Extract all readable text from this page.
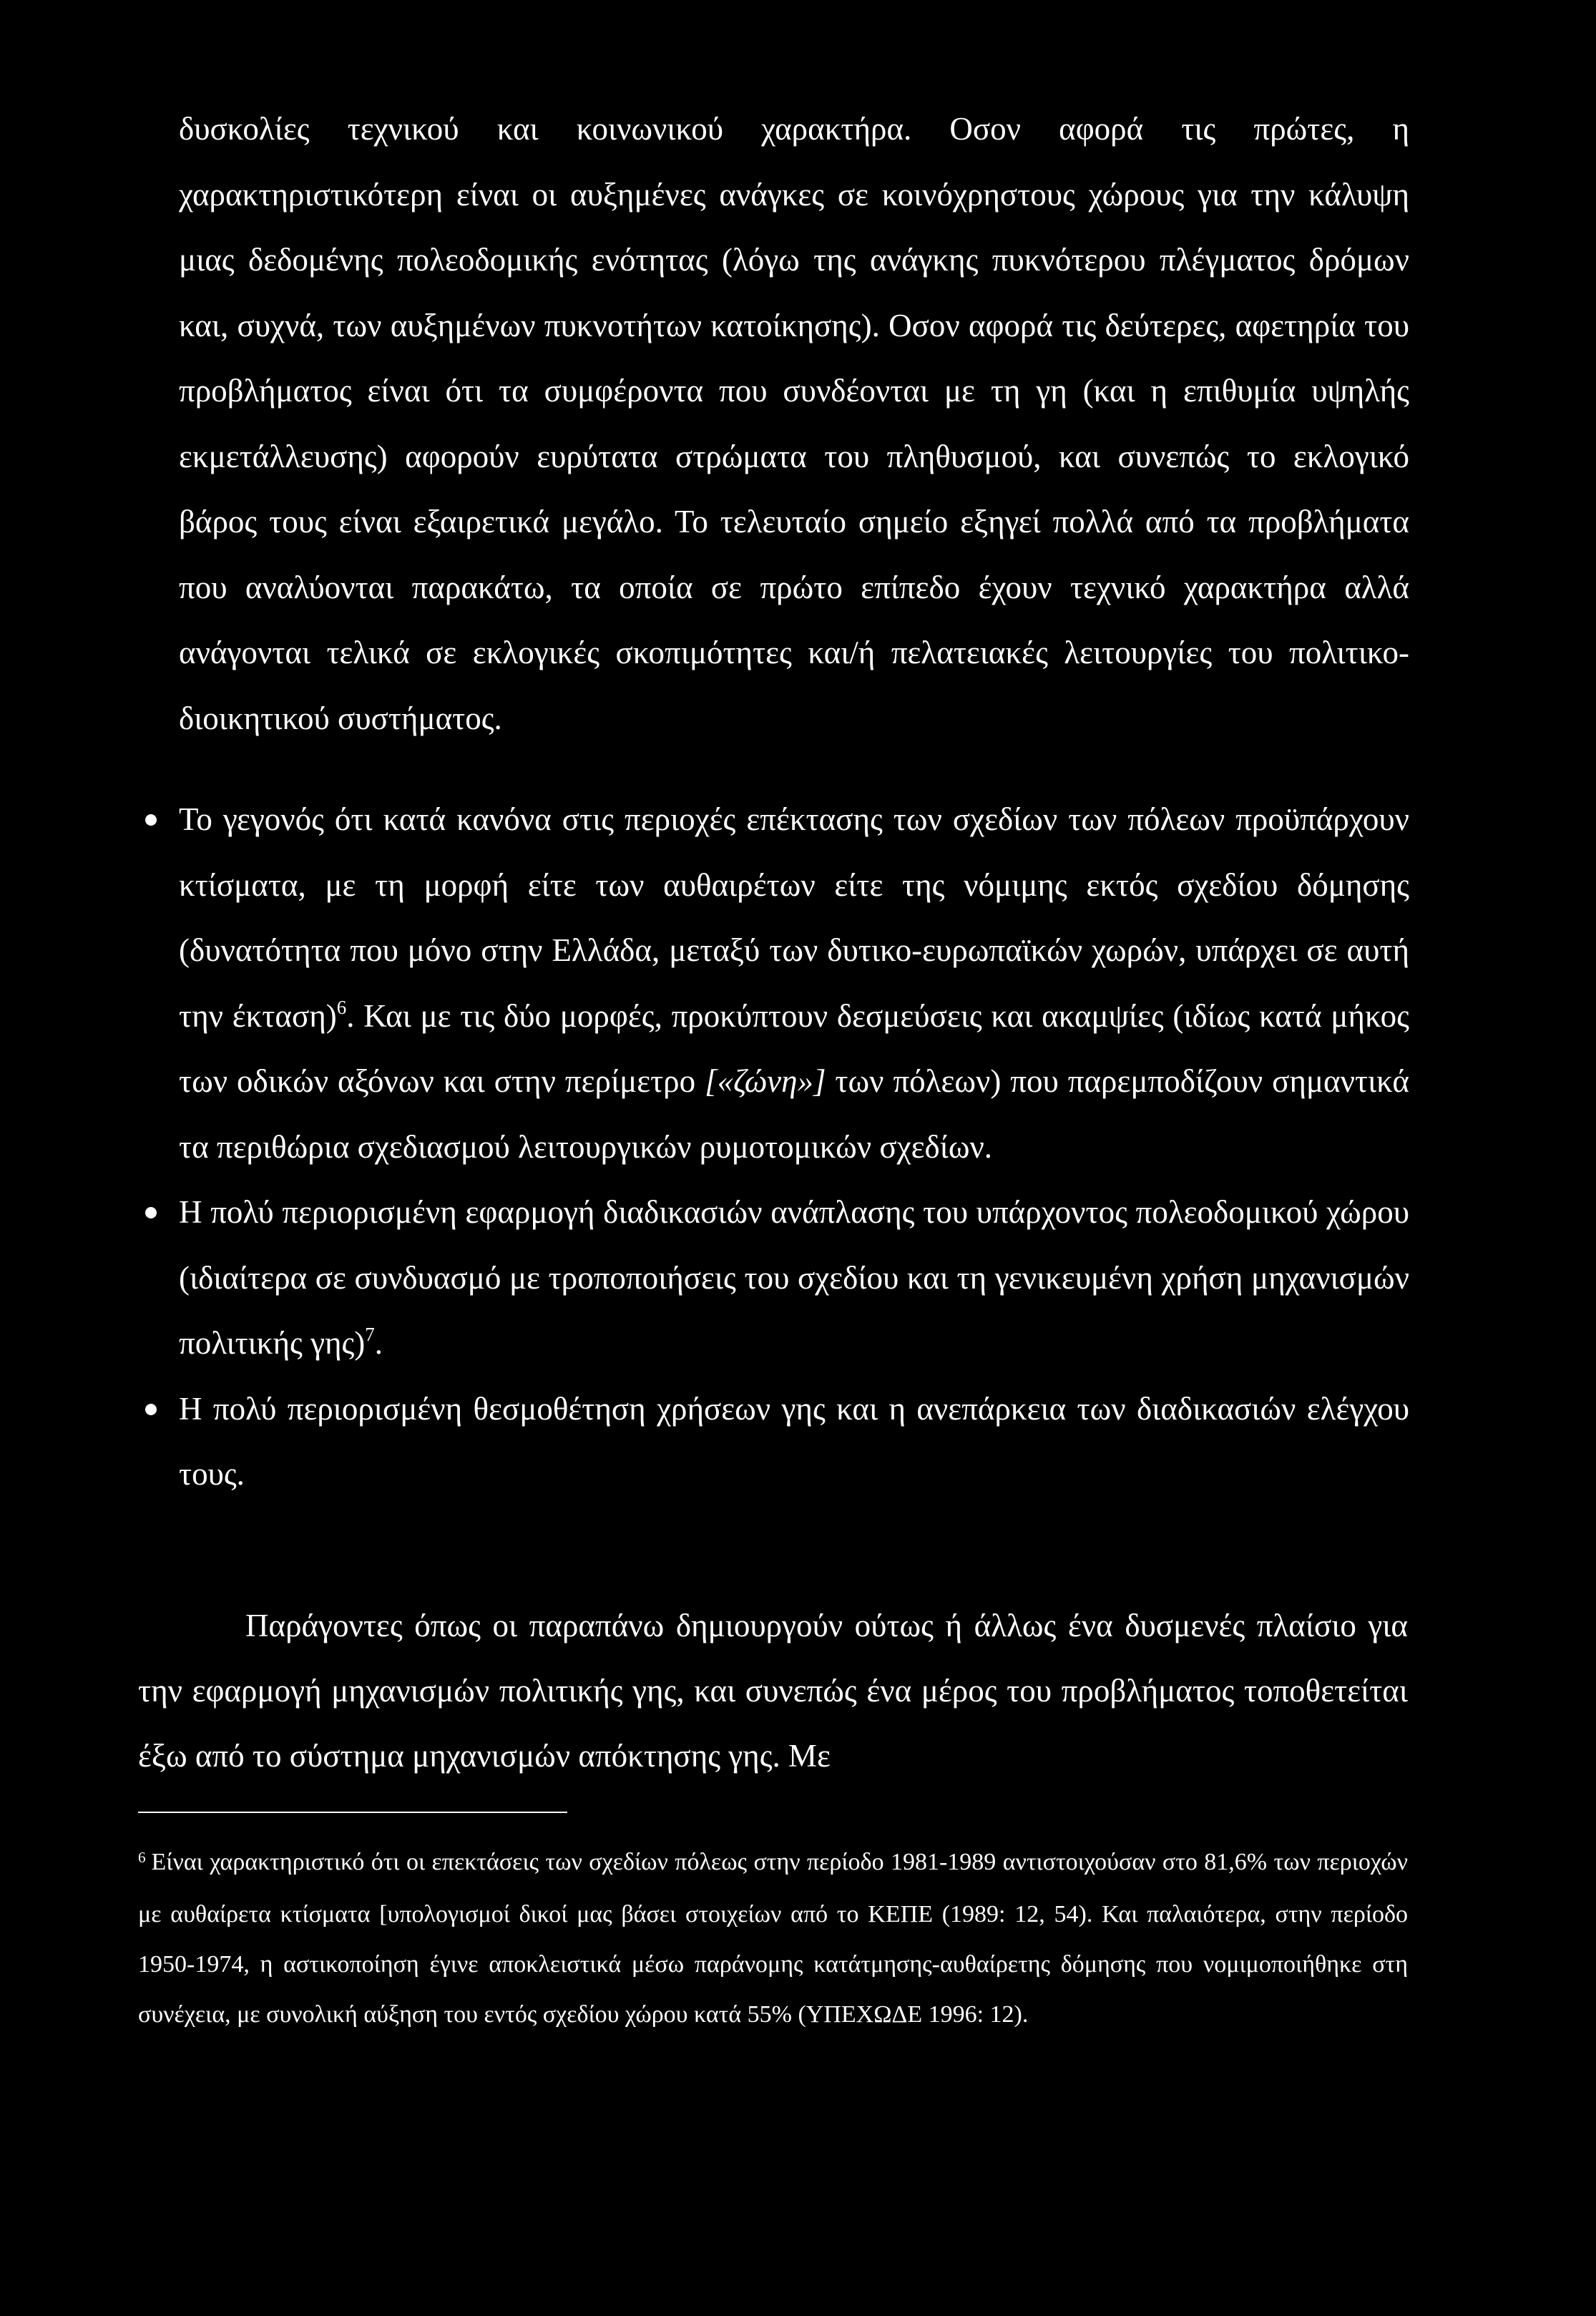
δυσκολίες τεχνικού και κοινωνικού χαρακτήρα. Οσον αφορά τις πρώτες, η χαρακτηριστικότερη είναι οι αυξημένες ανάγκες σε κοινόχρηστους χώρους για την κάλυψη μιας δεδομένης πολεοδομικής ενότητας (λόγω της ανάγκης πυκνότερου πλέγματος δρόμων και, συχνά, των αυξημένων πυκνοτήτων κατοίκησης). Οσον αφορά τις δεύτερες, αφετηρία του προβλήματος είναι ότι τα συμφέροντα που συνδέονται με τη γη (και η επιθυμία υψηλής εκμετάλλευσης) αφορούν ευρύτατα στρώματα του πληθυσμού, και συνεπώς το εκλογικό βάρος τους είναι εξαιρετικά μεγάλο. Το τελευταίο σημείο εξηγεί πολλά από τα προβλήματα που αναλύονται παρακάτω, τα οποία σε πρώτο επίπεδο έχουν τεχνικό χαρακτήρα αλλά ανάγονται τελικά σε εκλογικές σκοπιμότητες και/ή πελατειακές λειτουργίες του πολιτικο-διοικητικού συστήματος.

Το γεγονός ότι κατά κανόνα στις περιοχές επέκτασης των σχεδίων των πόλεων προϋπάρχουν κτίσματα, με τη μορφή είτε των αυθαιρέτων είτε της νόμιμης εκτός σχεδίου δόμησης (δυνατότητα που μόνο στην Ελλάδα, μεταξύ των δυτικο-ευρωπαϊκών χωρών, υπάρχει σε αυτή την έκταση)$^6$. Και με τις δύο μορφές, προκύπτουν δεσμεύσεις και ακαμψίες (ιδίως κατά μήκος των οδικών αξόνων και στην περίμετρο [«ζώνη»] των πόλεων) που παρεμποδίζουν σημαντικά τα περιθώρια σχεδιασμού λειτουργικών ρυμοτομικών σχεδίων.
Η πολύ περιορισμένη εφαρμογή διαδικασιών ανάπλασης του υπάρχοντος πολεοδομικού χώρου (ιδιαίτερα σε συνδυασμό με τροποποιήσεις του σχεδίου και τη γενικευμένη χρήση μηχανισμών πολιτικής γης)$^7$.
Η πολύ περιορισμένη θεσμοθέτηση χρήσεων γης και η ανεπάρκεια των διαδικασιών ελέγχου τους.

Παράγοντες όπως οι παραπάνω δημιουργούν ούτως ή άλλως ένα δυσμενές πλαίσιο για την εφαρμογή μηχανισμών πολιτικής γης, και συνεπώς ένα μέρος του προβλήματος τοποθετείται έξω από το σύστημα μηχανισμών απόκτησης γης. Με

$^6$ Είναι χαρακτηριστικό ότι οι επεκτάσεις των σχεδίων πόλεως στην περίοδο 1981-1989 αντιστοιχούσαν στο 81,6% των περιοχών με αυθαίρετα κτίσματα [υπολογισμοί δικοί μας βάσει στοιχείων από το ΚΕΠΕ (1989: 12, 54). Και παλαιότερα, στην περίοδο 1950-1974, η αστικοποίηση έγινε αποκλειστικά μέσω παράνομης κατάτμησης-αυθαίρετης δόμησης που νομιμοποιήθηκε στη συνέχεια, με συνολική αύξηση του εντός σχεδίου χώρου κατά 55% (ΥΠΕΧΩΔΕ 1996: 12).
